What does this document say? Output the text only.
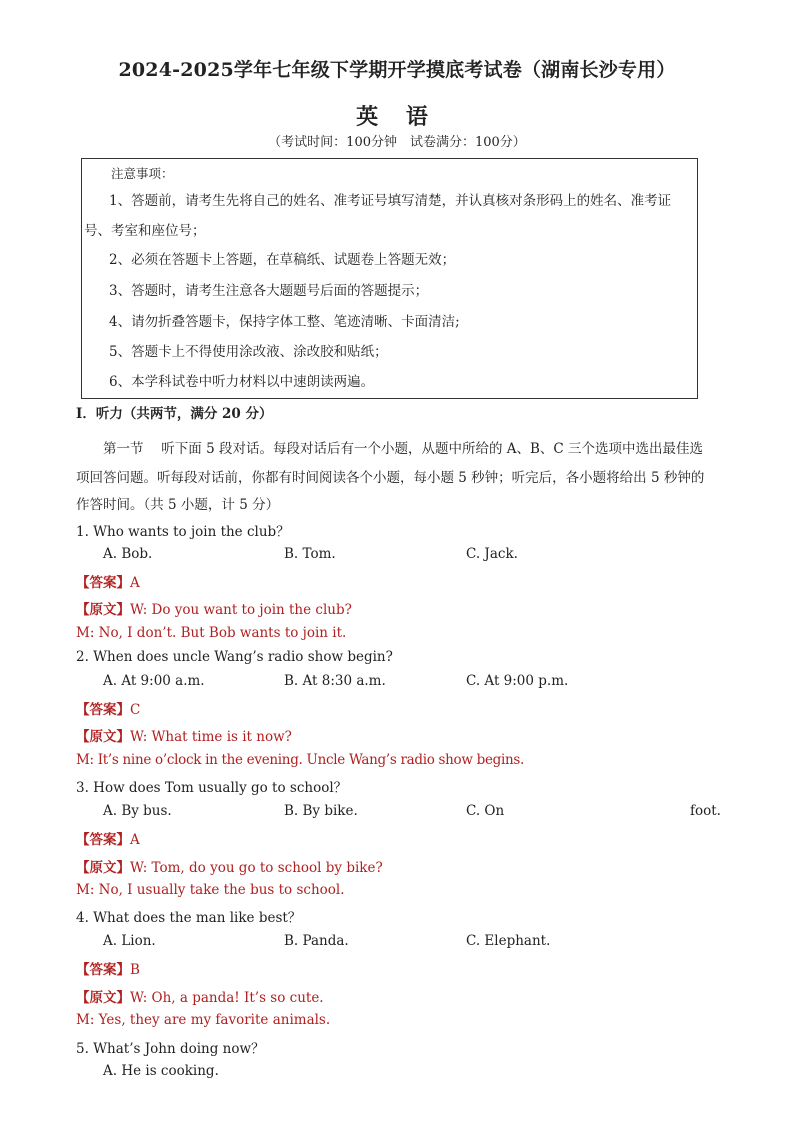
2024-2025学年七年级下学期开学摸底考试卷（湖南长沙专用）
英 语
（考试时间：100分钟　试卷满分：100分）
注意事项：
1、答题前，请考生先将自己的姓名、准考证号填写清楚，并认真核对条形码上的姓名、准考证
号、考室和座位号；
2、必须在答题卡上答题，在草稿纸、试题卷上答题无效；
3、答题时，请考生注意各大题题号后面的答题提示；
4、请勿折叠答题卡，保持字体工整、笔迹清晰、卡面清洁;
5、答题卡上不得使用涂改液、涂改胶和贴纸；
6、本学科试卷中听力材料以中速朗读两遍。
Ⅰ．听力（共两节，满分 20 分）
第一节　 听下面 5 段对话。每段对话后有一个小题，从题中所给的 A、B、C 三个选项中选出最佳选
项回答问题。听每段对话前，你都有时间阅读各个小题，每小题 5 秒钟；听完后，各小题将给出 5 秒钟的
作答时间。（共 5 小题，计 5 分）
1. Who wants to join the club？
A. Bob.	B. Tom.	C. Jack.
【答案】A
【原文】W: Do you want to join the club?
M: No, I don’t. But Bob wants to join it.
2. When does uncle Wang’s radio show begin?
A. At 9:00 a.m.	B. At 8:30 a.m.	C. At 9:00 p.m.
【答案】C
【原文】W: What time is it now?
M: It’s nine o’clock in the evening. Uncle Wang’s radio show begins.
3. How does Tom usually go to school？
A. By bus.	B. By bike.	C. On	foot.
【答案】A
【原文】W: Tom, do you go to school by bike?
M: No, I usually take the bus to school.
4. What does the man like best？
A. Lion.	B. Panda.	C. Elephant.
【答案】B
【原文】W: Oh, a panda! It’s so cute.
M: Yes, they are my favorite animals.
5. What’s John doing now？
A. He is cooking.
